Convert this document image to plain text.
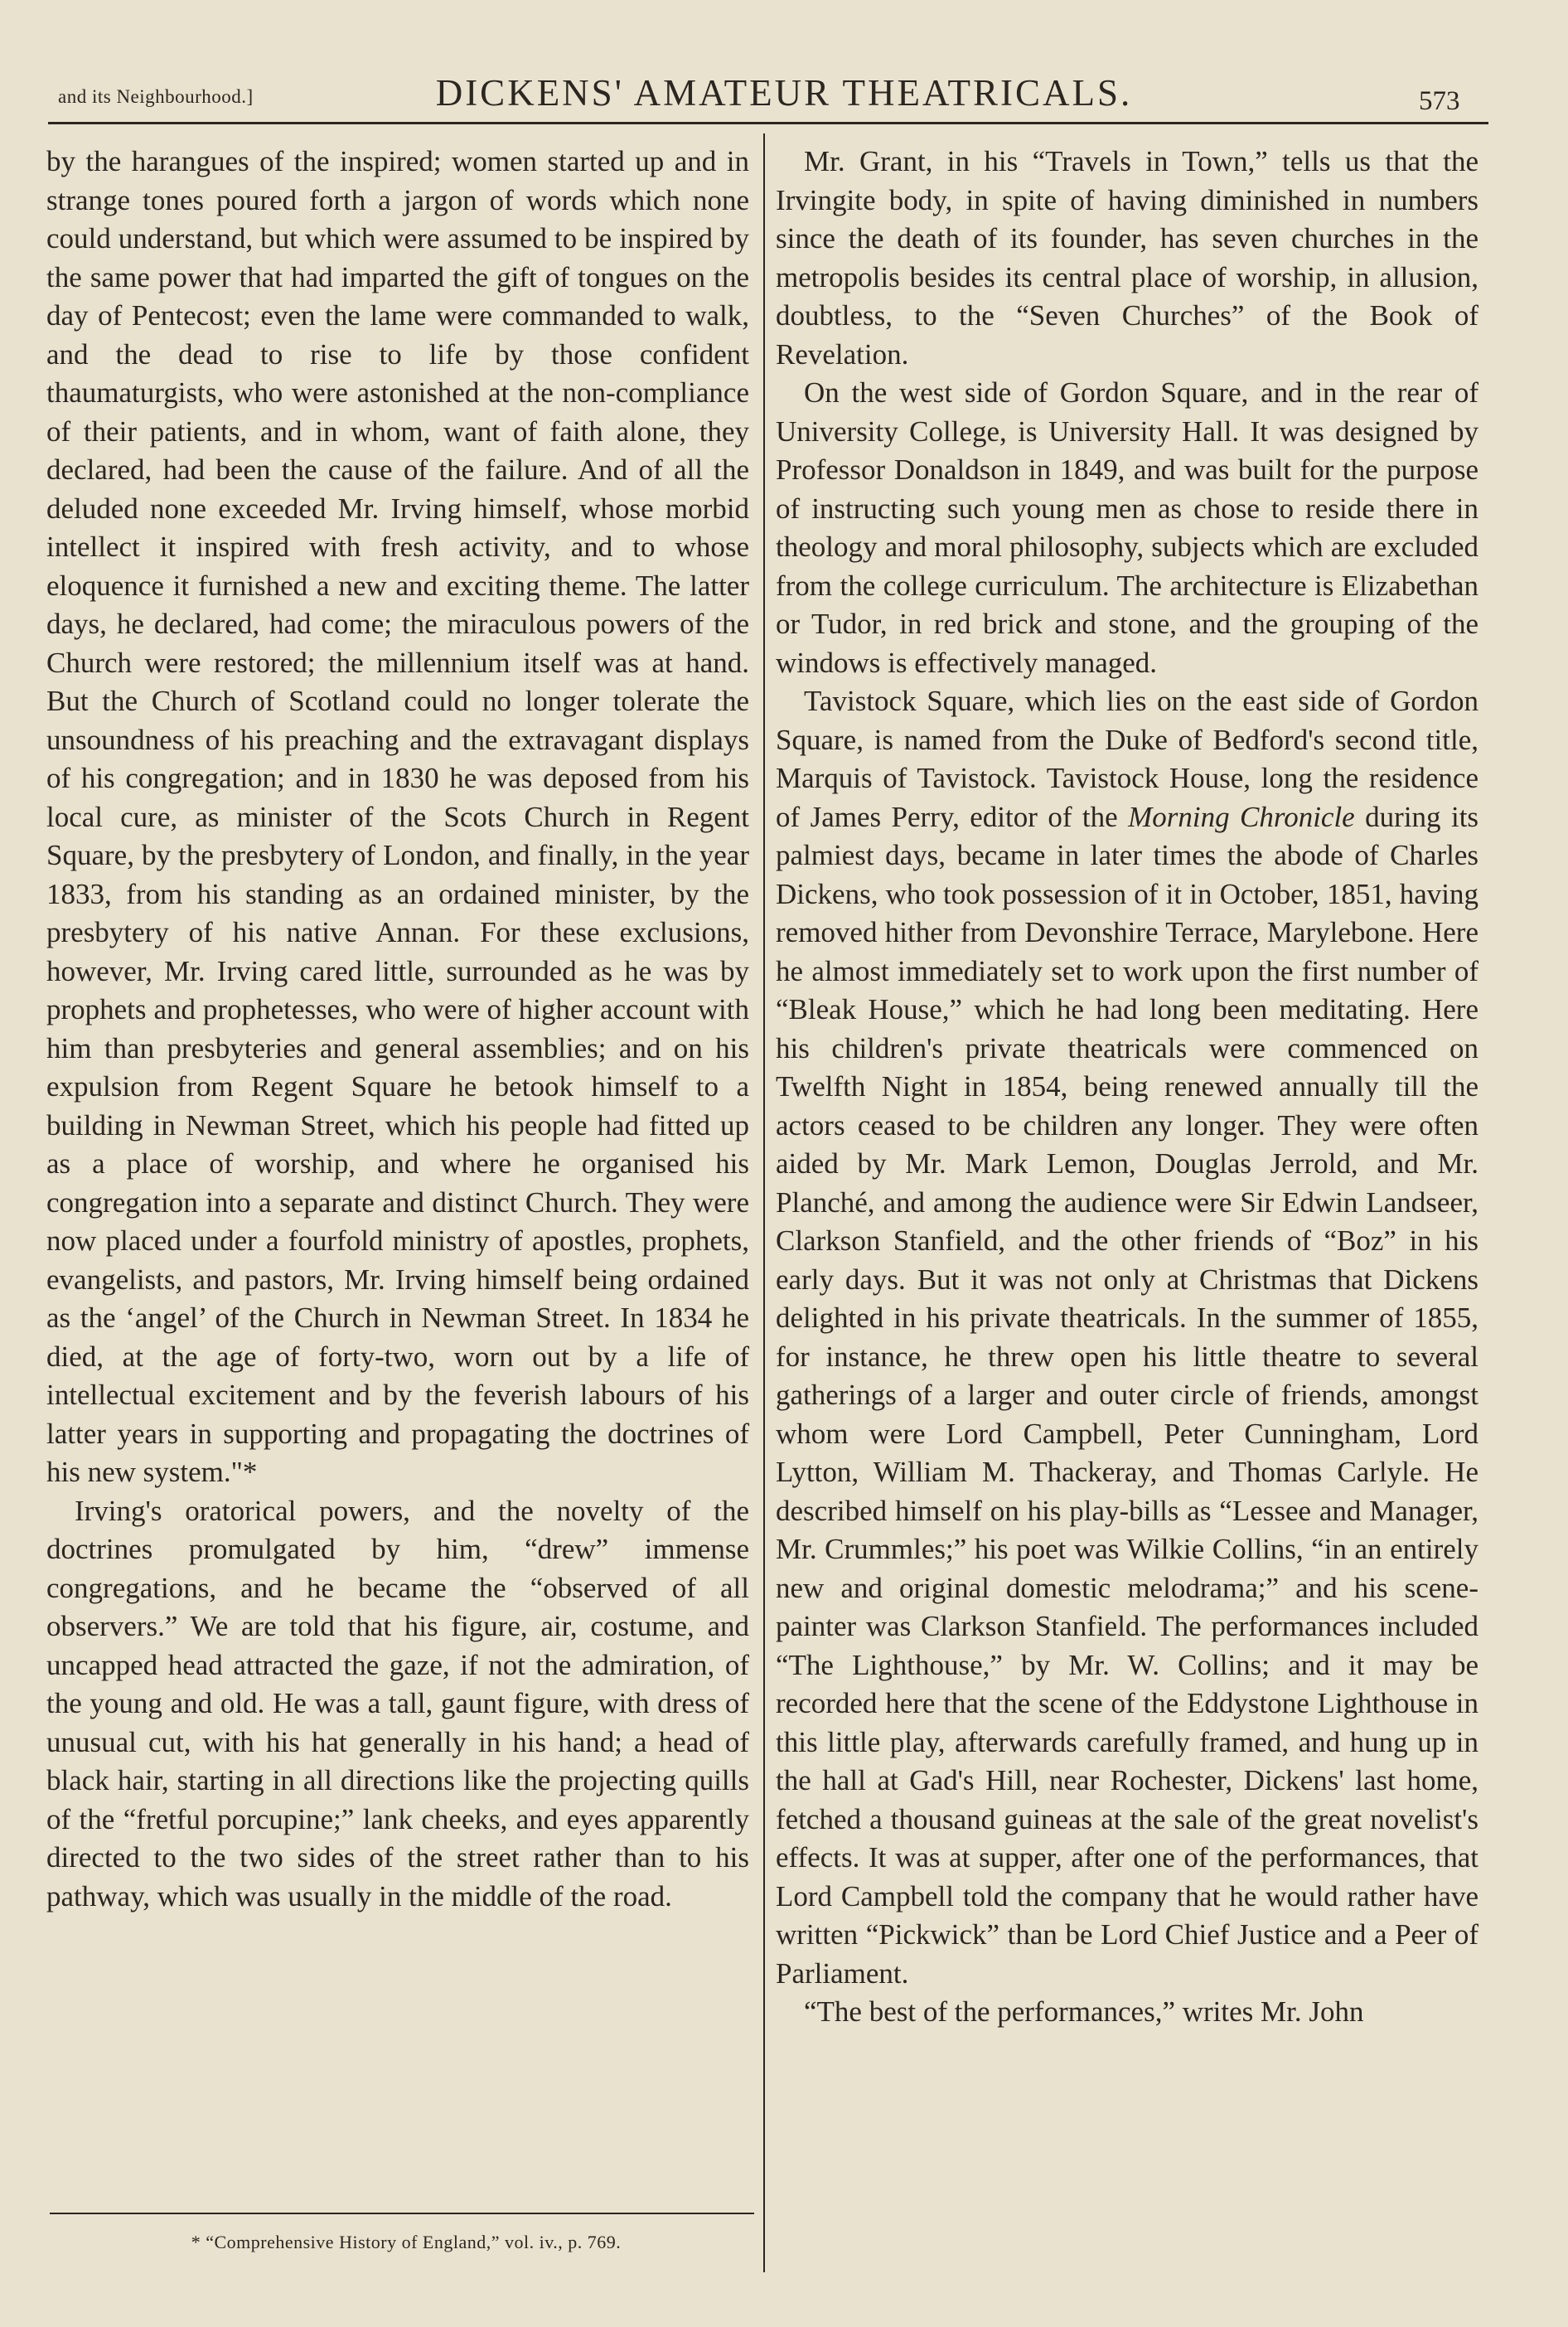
and its Neighbourhood.]	DICKENS' AMATEUR THEATRICALS.	573

by the harangues of the inspired; women started up and in strange tones poured forth a jargon of words which none could understand, but which were assumed to be inspired by the same power that had imparted the gift of tongues on the day of Pentecost; even the lame were commanded to walk, and the dead to rise to life by those confident thaumaturgists, who were astonished at the non-compliance of their patients, and in whom, want of faith alone, they declared, had been the cause of the failure. And of all the deluded none exceeded Mr. Irving himself, whose morbid intellect it inspired with fresh activity, and to whose eloquence it furnished a new and exciting theme. The latter days, he declared, had come; the miraculous powers of the Church were restored; the millennium itself was at hand. But the Church of Scotland could no longer tolerate the unsoundness of his preaching and the extravagant displays of his congregation; and in 1830 he was deposed from his local cure, as minister of the Scots Church in Regent Square, by the presbytery of London, and finally, in the year 1833, from his standing as an ordained minister, by the presbytery of his native Annan. For these exclusions, however, Mr. Irving cared little, surrounded as he was by prophets and prophetesses, who were of higher account with him than presbyteries and general assemblies; and on his expulsion from Regent Square he betook himself to a building in Newman Street, which his people had fitted up as a place of worship, and where he organised his congregation into a separate and distinct Church. They were now placed under a fourfold ministry of apostles, prophets, evangelists, and pastors, Mr. Irving himself being ordained as the ‘angel’ of the Church in Newman Street. In 1834 he died, at the age of forty-two, worn out by a life of intellectual excitement and by the feverish labours of his latter years in supporting and propagating the doctrines of his new system."*

Irving's oratorical powers, and the novelty of the doctrines promulgated by him, “drew” immense congregations, and he became the “observed of all observers.” We are told that his figure, air, costume, and uncapped head attracted the gaze, if not the admiration, of the young and old. He was a tall, gaunt figure, with dress of unusual cut, with his hat generally in his hand; a head of black hair, starting in all directions like the projecting quills of the “fretful porcupine;” lank cheeks, and eyes apparently directed to the two sides of the street rather than to his pathway, which was usually in the middle of the road.

Mr. Grant, in his “Travels in Town,” tells us that the Irvingite body, in spite of having diminished in numbers since the death of its founder, has seven churches in the metropolis besides its central place of worship, in allusion, doubtless, to the “Seven Churches” of the Book of Revelation.

On the west side of Gordon Square, and in the rear of University College, is University Hall. It was designed by Professor Donaldson in 1849, and was built for the purpose of instructing such young men as chose to reside there in theology and moral philosophy, subjects which are excluded from the college curriculum. The architecture is Elizabethan or Tudor, in red brick and stone, and the grouping of the windows is effectively managed.

Tavistock Square, which lies on the east side of Gordon Square, is named from the Duke of Bedford's second title, Marquis of Tavistock. Tavistock House, long the residence of James Perry, editor of the Morning Chronicle during its palmiest days, became in later times the abode of Charles Dickens, who took possession of it in October, 1851, having removed hither from Devonshire Terrace, Marylebone. Here he almost immediately set to work upon the first number of “Bleak House,” which he had long been meditating. Here his children's private theatricals were commenced on Twelfth Night in 1854, being renewed annually till the actors ceased to be children any longer. They were often aided by Mr. Mark Lemon, Douglas Jerrold, and Mr. Planché, and among the audience were Sir Edwin Landseer, Clarkson Stanfield, and the other friends of “Boz” in his early days. But it was not only at Christmas that Dickens delighted in his private theatricals. In the summer of 1855, for instance, he threw open his little theatre to several gatherings of a larger and outer circle of friends, amongst whom were Lord Campbell, Peter Cunningham, Lord Lytton, William M. Thackeray, and Thomas Carlyle. He described himself on his play-bills as “Lessee and Manager, Mr. Crummles;” his poet was Wilkie Collins, “in an entirely new and original domestic melodrama;” and his scene-painter was Clarkson Stanfield. The performances included “The Lighthouse,” by Mr. W. Collins; and it may be recorded here that the scene of the Eddystone Lighthouse in this little play, afterwards carefully framed, and hung up in the hall at Gad's Hill, near Rochester, Dickens' last home, fetched a thousand guineas at the sale of the great novelist's effects. It was at supper, after one of the performances, that Lord Campbell told the company that he would rather have written “Pickwick” than be Lord Chief Justice and a Peer of Parliament.

“The best of the performances,” writes Mr. John

* “Comprehensive History of England,” vol. iv., p. 769.
